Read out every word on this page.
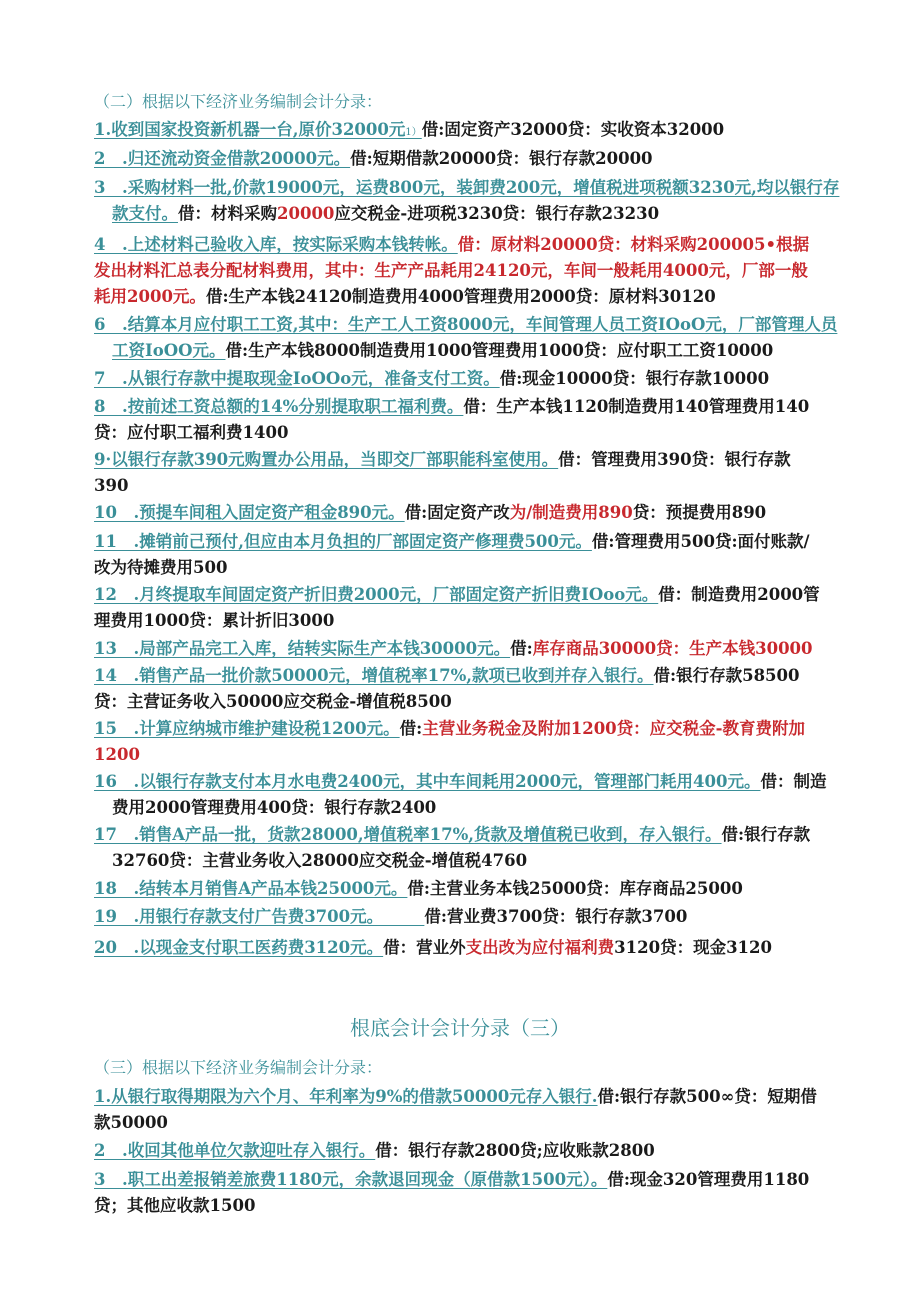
（二）根据以下经济业务编制会计分录：
1.收到国家投资新机器一台,原价32000元1）借:固定资产32000贷：实收资本32000
2　.归还流动资金借款20000元。借:短期借款20000贷：银行存款20000
3　.采购材料一批,价款19000元，运费800元，装卸费200元，增值税进项税额3230元,均以银行存款支付。借：材料采购20000应交税金-进项税3230贷：银行存款23230
4　.上述材料己验收入库，按实际采购本钱转帐。借：原材料20000贷：材料采购200005•根据发出材料汇总表分配材料费用，其中：生产产品耗用24120元，车间一般耗用4000元，厂部一般耗用2000元。借:生产本钱24120制造费用4000管理费用2000贷：原材料30120
6　.结算本月应付职工工资,其中：生产工人工资8000元，车间管理人员工资IOoO元，厂部管理人员工资IoOO元。借:生产本钱8000制造费用1000管理费用1000贷：应付职工工资10000
7　.从银行存款中提取现金IoOOo元，准备支付工资。借:现金10000贷：银行存款10000
8　.按前述工资总额的14%分别提取职工福利费。借：生产本钱1120制造费用140管理费用140贷：应付职工福利费1400
9·以银行存款390元购置办公用品，当即交厂部职能科室使用。借：管理费用390贷：银行存款390
10　.预提车间租入固定资产租金890元。借:固定资产改为/制造费用890贷：预提费用890
11　.摊销前己预付,但应由本月负担的厂部固定资产修理费500元。借:管理费用500贷:面付账款/改为待摊费用500
12　.月终提取车间固定资产折旧费2000元，厂部固定资产折旧费IOoo元。借：制造费用2000管理费用1000贷：累计折旧3000
13　.局部产品完工入库，结转实际生产本钱30000元。借:库存商品30000贷：生产本钱30000
14　.销售产品一批价款50000元，增值税率17%,款项已收到并存入银行。借:银行存款58500贷：主营证务收入50000应交税金-增值税8500
15　.计算应纳城市维护建设税1200元。借:主营业务税金及附加1200贷：应交税金-教育费附加1200
16　.以银行存款支付本月水电费2400元，其中车间耗用2000元，管理部门耗用400元。借：制造费用2000管理费用400贷：银行存款2400
17　.销售A产品一批，货款28000,增值税率17%,货款及增值税已收到，存入银行。借:银行存款32760贷：主营业务收入28000应交税金-增值税4760
18　.结转本月销售A产品本钱25000元。借:主营业务本钱25000贷：库存商品25000
19　.用银行存款支付广告费3700元。　　　借:营业费3700贷：银行存款3700
20　.以现金支付职工医药费3120元。借：营业外支出改为应付福利费3120贷：现金3120
根底会计会计分录（三）
（三）根据以下经济业务编制会计分录：
1.从银行取得期限为六个月、年利率为9%的借款50000元存入银行.借:银行存款500∞贷：短期借款50000
2　.收回其他单位欠款迎吐存入银行。借：银行存款2800贷;应收账款2800
3　.职工出差报销差旅费1180元，余款退回现金（原借款1500元）。借:现金320管理费用1180贷；其他应收款1500
